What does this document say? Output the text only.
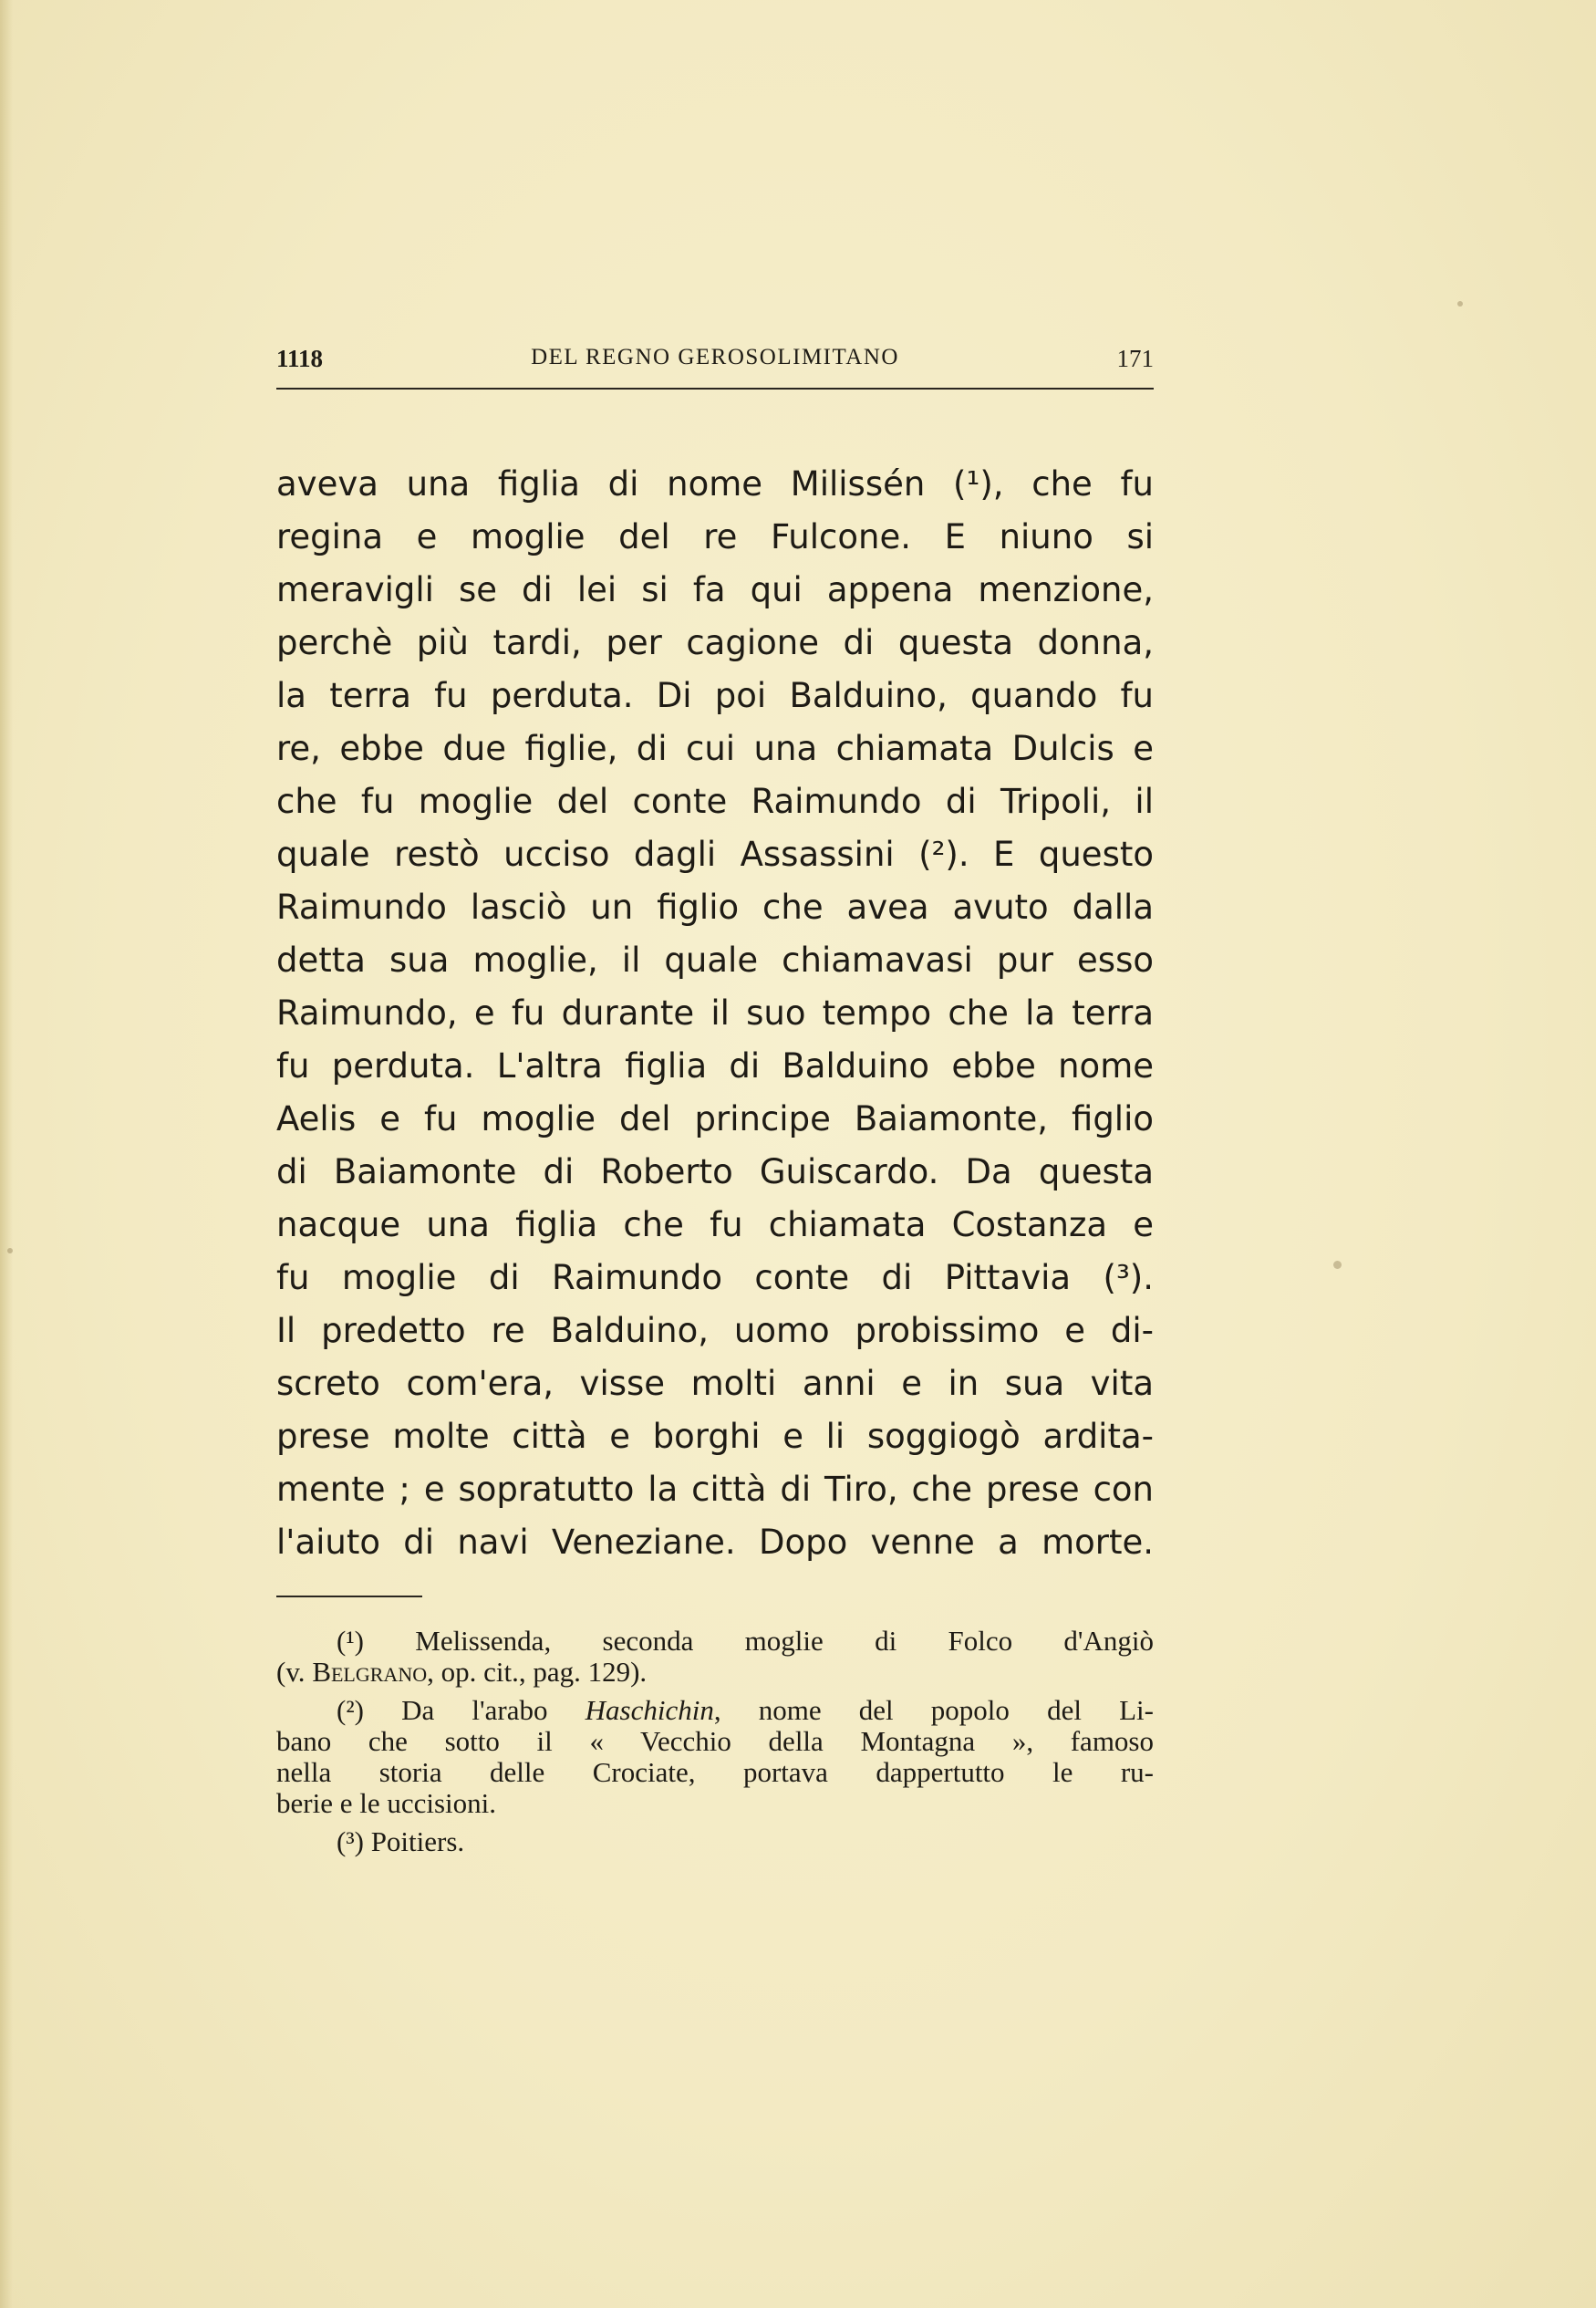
1118	DEL REGNO GEROSOLIMITANO	171
aveva una figlia di nome Milissén (¹), che fu
regina e moglie del re Fulcone. E niuno si
meravigli se di lei si fa qui appena menzione,
perchè più tardi, per cagione di questa donna,
la terra fu perduta. Di poi Balduino, quando fu
re, ebbe due figlie, di cui una chiamata Dulcis e
che fu moglie del conte Raimundo di Tripoli, il
quale restò ucciso dagli Assassini (²). E questo
Raimundo lasciò un figlio che avea avuto dalla
detta sua moglie, il quale chiamavasi pur esso
Raimundo, e fu durante il suo tempo che la terra
fu perduta. L'altra figlia di Balduino ebbe nome
Aelis e fu moglie del principe Baiamonte, figlio
di Baiamonte di Roberto Guiscardo. Da questa
nacque una figlia che fu chiamata Costanza e
fu moglie di Raimundo conte di Pittavia (³).
Il predetto re Balduino, uomo probissimo e di-
screto com'era, visse molti anni e in sua vita
prese molte città e borghi e li soggiogò ardita-
mente ; e sopratutto la città di Tiro, che prese con
l'aiuto di navi Veneziane. Dopo venne a morte.
(¹) Melissenda, seconda moglie di Folco d'Angiò
(v. Belgrano, op. cit., pag. 129).
(²) Da l'arabo Haschichin, nome del popolo del Li-
bano che sotto il « Vecchio della Montagna », famoso
nella storia delle Crociate, portava dappertutto le ru-
berie e le uccisioni.
(³) Poitiers.
